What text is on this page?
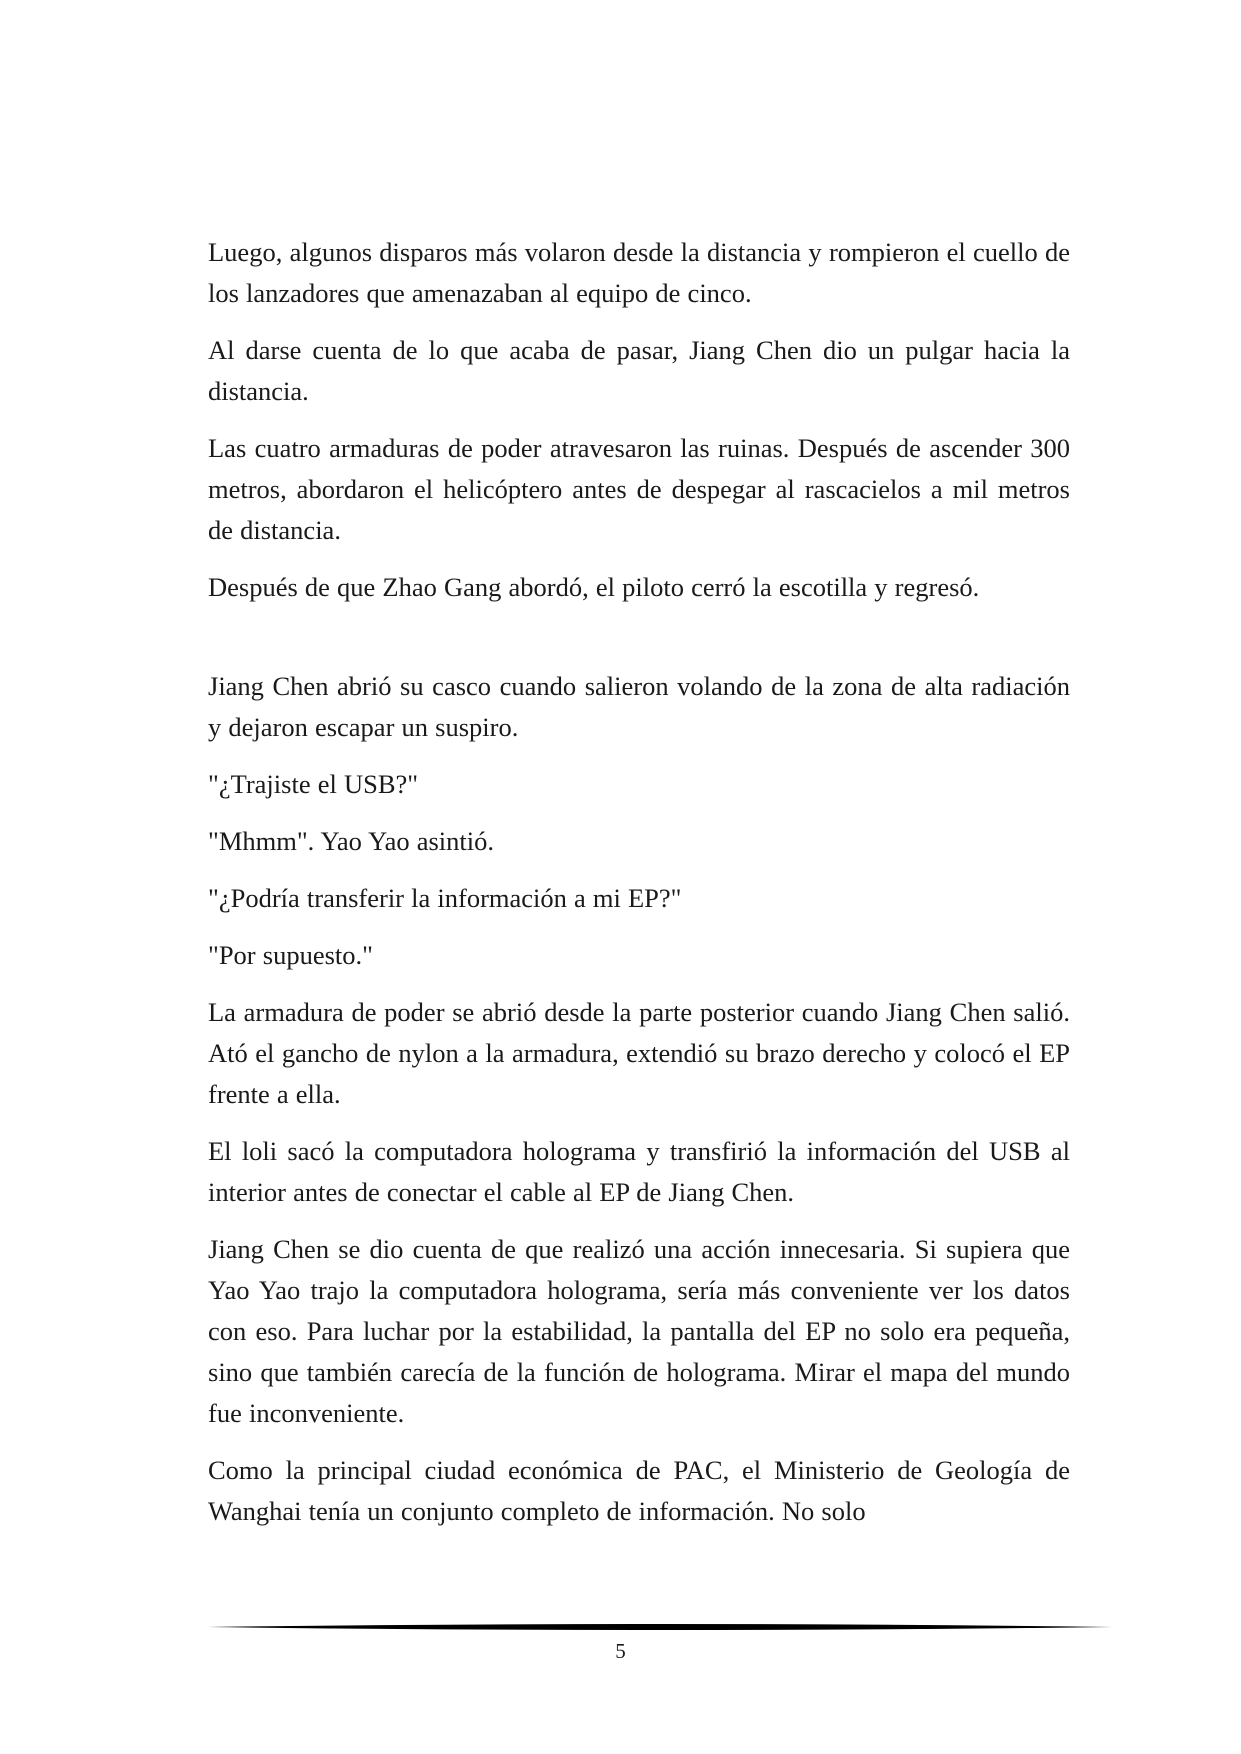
Luego, algunos disparos más volaron desde la distancia y rompieron el cuello de los lanzadores que amenazaban al equipo de cinco.

Al darse cuenta de lo que acaba de pasar, Jiang Chen dio un pulgar hacia la distancia.

Las cuatro armaduras de poder atravesaron las ruinas. Después de ascender 300 metros, abordaron el helicóptero antes de despegar al rascacielos a mil metros de distancia.

Después de que Zhao Gang abordó, el piloto cerró la escotilla y regresó.

Jiang Chen abrió su casco cuando salieron volando de la zona de alta radiación y dejaron escapar un suspiro.

"¿Trajiste el USB?"

"Mhmm". Yao Yao asintió.

"¿Podría transferir la información a mi EP?"

"Por supuesto."

La armadura de poder se abrió desde la parte posterior cuando Jiang Chen salió. Ató el gancho de nylon a la armadura, extendió su brazo derecho y colocó el EP frente a ella.

El loli sacó la computadora holograma y transfirió la información del USB al interior antes de conectar el cable al EP de Jiang Chen.

Jiang Chen se dio cuenta de que realizó una acción innecesaria. Si supiera que Yao Yao trajo la computadora holograma, sería más conveniente ver los datos con eso. Para luchar por la estabilidad, la pantalla del EP no solo era pequeña, sino que también carecía de la función de holograma. Mirar el mapa del mundo fue inconveniente.

Como la principal ciudad económica de PAC, el Ministerio de Geología de Wanghai tenía un conjunto completo de información. No solo

5
